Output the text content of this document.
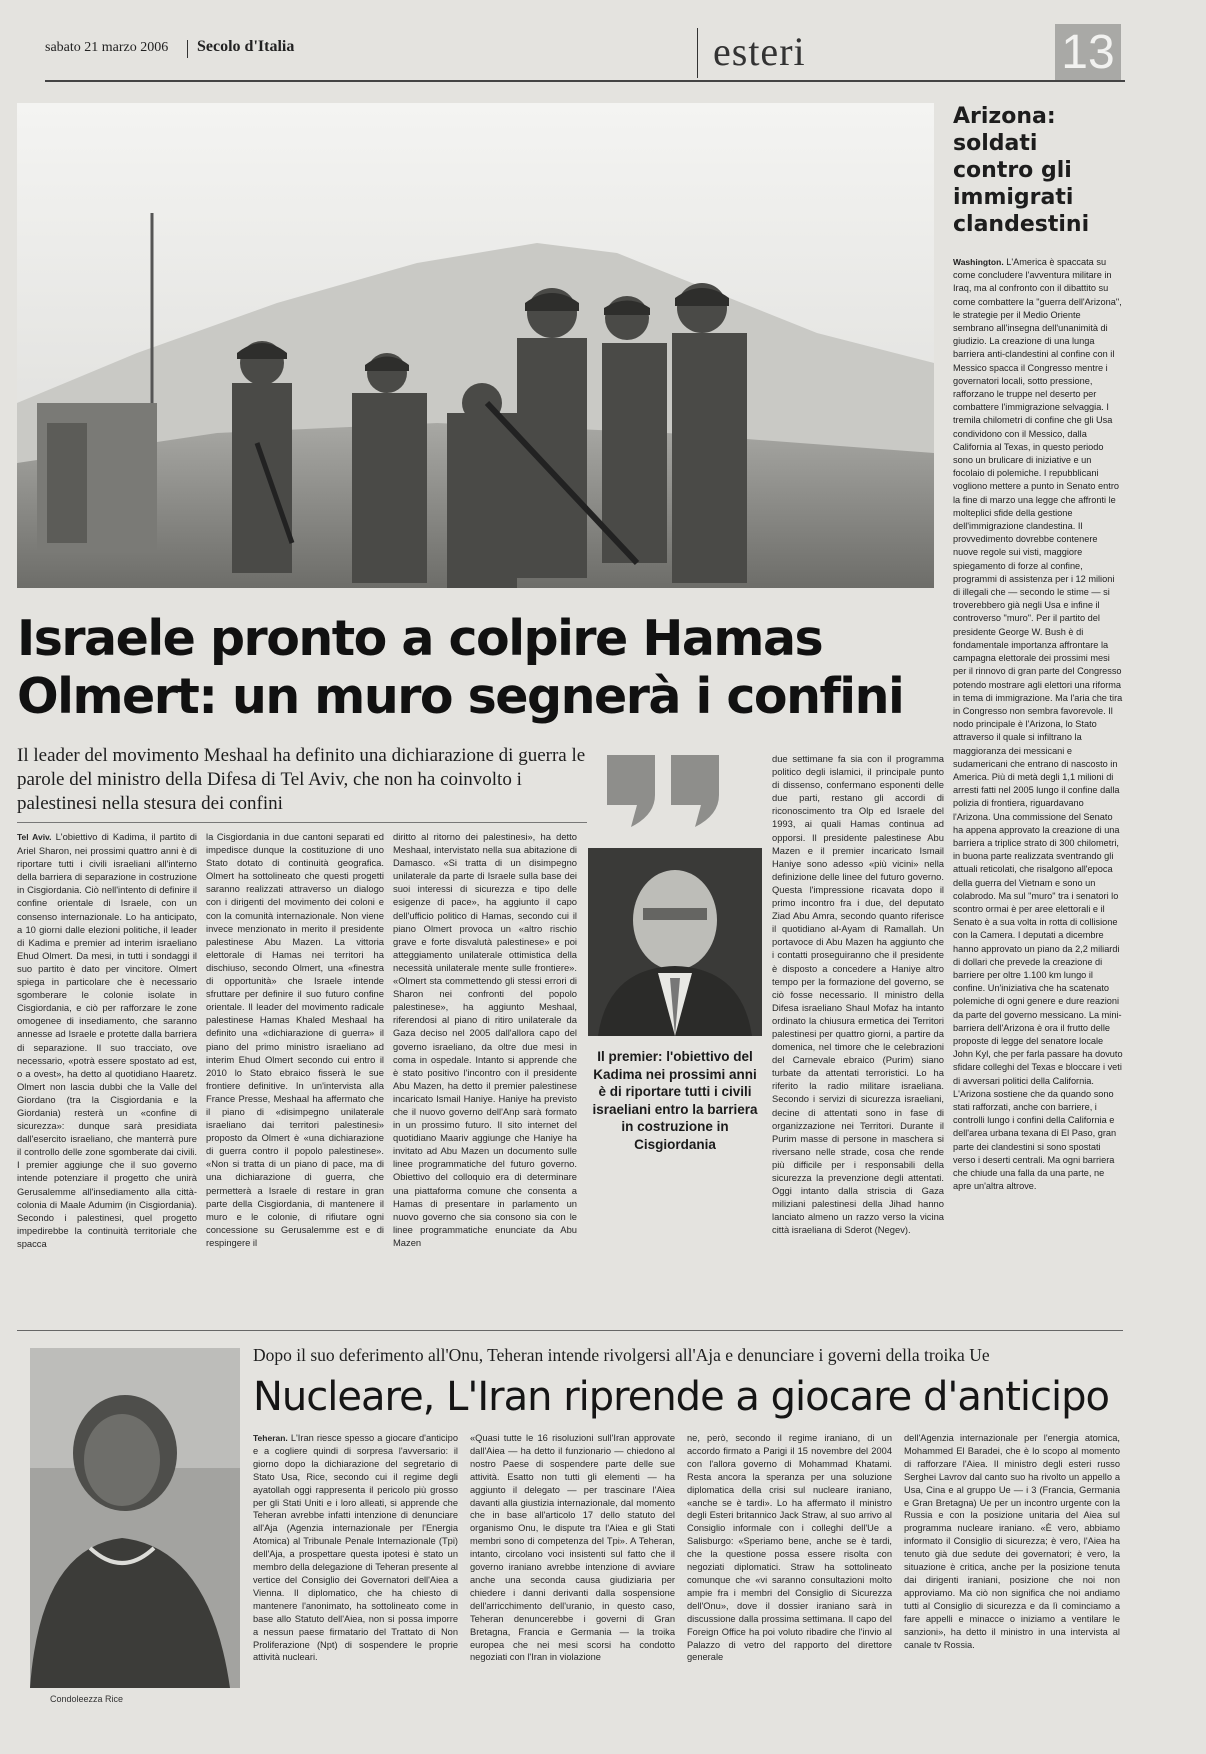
sabato 21 marzo 2006 Secolo d'Italia	esteri	13
Arizona: soldati contro gli immigrati clandestini
Washington. L'America è spaccata su come concludere l'avventura militare in Iraq, ma al confronto con il dibattito su come combattere la "guerra dell'Arizona", le strategie per il Medio Oriente sembrano all'insegna dell'unanimità di giudizio. La creazione di una lunga barriera anti-clandestini al confine con il Messico spacca il Congresso mentre i governatori locali, sotto pressione, rafforzano le truppe nel deserto per combattere l'immigrazione selvaggia. I tremila chilometri di confine che gli Usa condividono con il Messico, dalla California al Texas, in questo periodo sono un brulicare di iniziative e un focolaio di polemiche. I repubblicani vogliono mettere a punto in Senato entro la fine di marzo una legge che affronti le molteplici sfide della gestione dell'immigrazione clandestina. Il provvedimento dovrebbe contenere nuove regole sui visti, maggiore spiegamento di forze al confine, programmi di assistenza per i 12 milioni di illegali che — secondo le stime — si troverebbero già negli Usa e infine il controverso "muro". Per il partito del presidente George W. Bush è di fondamentale importanza affrontare la campagna elettorale dei prossimi mesi per il rinnovo di gran parte del Congresso potendo mostrare agli elettori una riforma in tema di immigrazione. Ma l'aria che tira in Congresso non sembra favorevole. Il nodo principale è l'Arizona, lo Stato attraverso il quale si infiltrano la maggioranza dei messicani e sudamericani che entrano di nascosto in America. Più di metà degli 1,1 milioni di arresti fatti nel 2005 lungo il confine dalla polizia di frontiera, riguardavano l'Arizona. Una commissione del Senato ha appena approvato la creazione di una barriera a triplice strato di 300 chilometri, in buona parte realizzata sventrando gli attuali reticolati, che risalgono all'epoca della guerra del Vietnam e sono un colabrodo. Ma sul "muro" tra i senatori lo scontro ormai è per aree elettorali e il Senato è a sua volta in rotta di collisione con la Camera. I deputati a dicembre hanno approvato un piano da 2,2 miliardi di dollari che prevede la creazione di barriere per oltre 1.100 km lungo il confine. Un'iniziativa che ha scatenato polemiche di ogni genere e dure reazioni da parte del governo messicano. La mini-barriera dell'Arizona è ora il frutto delle proposte di legge del senatore locale John Kyl, che per farla passare ha dovuto sfidare colleghi del Texas e bloccare i veti di avversari politici della California. L'Arizona sostiene che da quando sono stati rafforzati, anche con barriere, i controlli lungo i confini della California e dell'area urbana texana di El Paso, gran parte dei clandestini si sono spostati verso i deserti centrali. Ma ogni barriera che chiude una falla da una parte, ne apre un'altra altrove.
Israele pronto a colpire Hamas
Olmert: un muro segnerà i confini
Il leader del movimento Meshaal ha definito una dichiarazione di guerra le parole del ministro della Difesa di Tel Aviv, che non ha coinvolto i palestinesi nella stesura dei confini
Tel Aviv. L'obiettivo di Kadima, il partito di Ariel Sharon, nei prossimi quattro anni è di riportare tutti i civili israeliani all'interno della barriera di separazione in costruzione in Cisgiordania. Ciò nell'intento di definire il confine orientale di Israele, con un consenso internazionale. Lo ha anticipato, a 10 giorni dalle elezioni politiche, il leader di Kadima e premier ad interim israeliano Ehud Olmert. Da mesi, in tutti i sondaggi il suo partito è dato per vincitore. Olmert spiega in particolare che è necessario sgomberare le colonie isolate in Cisgiordania, e ciò per rafforzare le zone omogenee di insediamento, che saranno annesse ad Israele e protette dalla barriera di separazione. Il suo tracciato, ove necessario, «potrà essere spostato ad est, o a ovest», ha detto al quotidiano Haaretz. Olmert non lascia dubbi che la Valle del Giordano (tra la Cisgiordania e la Giordania) resterà un «confine di sicurezza»: dunque sarà presidiata dall'esercito israeliano, che manterrà pure il controllo delle zone sgomberate dai civili. I premier aggiunge che il suo governo intende potenziare il progetto che unirà Gerusalemme all'insediamento alla città-colonia di Maale Adumim (in Cisgiordania). Secondo i palestinesi, quel progetto impedirebbe la continuità territoriale che spacca
la Cisgiordania in due cantoni separati ed impedisce dunque la costituzione di uno Stato dotato di continuità geografica. Olmert ha sottolineato che questi progetti saranno realizzati attraverso un dialogo con i dirigenti del movimento dei coloni e con la comunità internazionale. Non viene invece menzionato in merito il presidente palestinese Abu Mazen. La vittoria elettorale di Hamas nei territori ha dischiuso, secondo Olmert, una «finestra di opportunità» che Israele intende sfruttare per definire il suo futuro confine orientale. Il leader del movimento radicale palestinese Hamas Khaled Meshaal ha definito una «dichiarazione di guerra» il piano del primo ministro israeliano ad interim Ehud Olmert secondo cui entro il 2010 lo Stato ebraico fisserà le sue frontiere definitive. In un'intervista alla France Presse, Meshaal ha affermato che il piano di «disimpegno unilaterale israeliano dai territori palestinesi» proposto da Olmert è «una dichiarazione di guerra contro il popolo palestinese». «Non si tratta di un piano di pace, ma di una dichiarazione di guerra, che permetterà a Israele di restare in gran parte della Cisgiordania, di mantenere il muro e le colonie, di rifiutare ogni concessione su Gerusalemme est e di respingere il
diritto al ritorno dei palestinesi», ha detto Meshaal, intervistato nella sua abitazione di Damasco. «Si tratta di un disimpegno unilaterale da parte di Israele sulla base dei suoi interessi di sicurezza e tipo delle esigenze di pace», ha aggiunto il capo dell'ufficio politico di Hamas, secondo cui il piano Olmert provoca un «altro rischio grave e forte disvalutà palestinese» e poi atteggiamento unilaterale ottimistica della necessità unilaterale mente sulle frontiere». «Olmert sta commettendo gli stessi errori di Sharon nei confronti del popolo palestinese», ha aggiunto Meshaal, riferendosi al piano di ritiro unilaterale da Gaza deciso nel 2005 dall'allora capo del governo israeliano, da oltre due mesi in coma in ospedale. Intanto si apprende che è stato positivo l'incontro con il presidente Abu Mazen, ha detto il premier palestinese incaricato Ismail Haniye. Haniye ha previsto che il nuovo governo dell'Anp sarà formato in un prossimo futuro. Il sito internet del quotidiano Maariv aggiunge che Haniye ha invitato ad Abu Mazen un documento sulle linee programmatiche del futuro governo. Obiettivo del colloquio era di determinare una piattaforma comune che consenta a Hamas di presentare in parlamento un nuovo governo che sia consono sia con le linee programmatiche enunciate da Abu Mazen
due settimane fa sia con il programma politico degli islamici, il principale punto di dissenso, confermano esponenti delle due parti, restano gli accordi di riconoscimento tra Olp ed Israele del 1993, ai quali Hamas continua ad opporsi. Il presidente palestinese Abu Mazen e il premier incaricato Ismail Haniye sono adesso «più vicini» nella definizione delle linee del futuro governo. Questa l'impressione ricavata dopo il primo incontro fra i due, del deputato Ziad Abu Amra, secondo quanto riferisce il quotidiano al-Ayam di Ramallah. Un portavoce di Abu Mazen ha aggiunto che i contatti proseguiranno che il presidente è disposto a concedere a Haniye altro tempo per la formazione del governo, se ciò fosse necessario. Il ministro della Difesa israeliano Shaul Mofaz ha intanto ordinato la chiusura ermetica dei Territori palestinesi per quattro giorni, a partire da domenica, nel timore che le celebrazioni del Carnevale ebraico (Purim) siano turbate da attentati terroristici. Lo ha riferito la radio militare israeliana. Secondo i servizi di sicurezza israeliani, decine di attentati sono in fase di organizzazione nei Territori. Durante il Purim masse di persone in maschera si riversano nelle strade, cosa che rende più difficile per i responsabili della sicurezza la prevenzione degli attentati. Oggi intanto dalla striscia di Gaza miliziani palestinesi della Jihad hanno lanciato almeno un razzo verso la vicina città israeliana di Sderot (Negev).
Il premier: l'obiettivo del Kadima nei prossimi anni è di riportare tutti i civili israeliani entro la barriera in costruzione in Cisgiordania
Condoleezza Rice
Dopo il suo deferimento all'Onu, Teheran intende rivolgersi all'Aja e denunciare i governi della troika Ue
Nucleare, L'Iran riprende a giocare d'anticipo
Teheran. L'Iran riesce spesso a giocare d'anticipo e a cogliere quindi di sorpresa l'avversario: il giorno dopo la dichiarazione del segretario di Stato Usa, Rice, secondo cui il regime degli ayatollah oggi rappresenta il pericolo più grosso per gli Stati Uniti e i loro alleati, si apprende che Teheran avrebbe infatti intenzione di denunciare all'Aja (Agenzia internazionale per l'Energia Atomica) al Tribunale Penale Internazionale (Tpi) dell'Aja, a prospettare questa ipotesi è stato un membro della delegazione di Teheran presente al vertice del Consiglio dei Governatori dell'Aiea a Vienna. Il diplomatico, che ha chiesto di mantenere l'anonimato, ha sottolineato come in base allo Statuto dell'Aiea, non si possa imporre a nessun paese firmatario del Trattato di Non Proliferazione (Npt) di sospendere le proprie attività nucleari.
«Quasi tutte le 16 risoluzioni sull'Iran approvate dall'Aiea — ha detto il funzionario — chiedono al nostro Paese di sospendere parte delle sue attività. Esatto non tutti gli elementi — ha aggiunto il delegato — per trascinare l'Aiea davanti alla giustizia internazionale, dal momento che in base all'articolo 17 dello statuto del organismo Onu, le dispute tra l'Aiea e gli Stati membri sono di competenza del Tpi». A Teheran, intanto, circolano voci insistenti sul fatto che il governo iraniano avrebbe intenzione di avviare anche una seconda causa giudiziaria per chiedere i danni derivanti dalla sospensione dell'arricchimento dell'uranio, in questo caso, Teheran denuncerebbe i governi di Gran Bretagna, Francia e Germania — la troika europea che nei mesi scorsi ha condotto negoziati con l'Iran in violazione
ne, però, secondo il regime iraniano, di un accordo firmato a Parigi il 15 novembre del 2004 con l'allora governo di Mohammad Khatami. Resta ancora la speranza per una soluzione diplomatica della crisi sul nucleare iraniano, «anche se è tardi». Lo ha affermato il ministro degli Esteri britannico Jack Straw, al suo arrivo al Consiglio informale con i colleghi dell'Ue a Salisburgo: «Speriamo bene, anche se è tardi, che la questione possa essere risolta con negoziati diplomatici. Straw ha sottolineato comunque che «vi saranno consultazioni molto ampie fra i membri del Consiglio di Sicurezza dell'Onu», dove il dossier iraniano sarà in discussione dalla prossima settimana. Il capo del Foreign Office ha poi voluto ribadire che l'invio al Palazzo di vetro del rapporto del direttore generale
dell'Agenzia internazionale per l'energia atomica, Mohammed El Baradei, che è lo scopo al momento di rafforzare l'Aiea. Il ministro degli esteri russo Serghei Lavrov dal canto suo ha rivolto un appello a Usa, Cina e al gruppo Ue — i 3 (Francia, Germania e Gran Bretagna) Ue per un incontro urgente con la Russia e con la posizione unitaria del Aiea sul programma nucleare iraniano. «È vero, abbiamo informato il Consiglio di sicurezza; è vero, l'Aiea ha tenuto già due sedute dei governatori; è vero, la situazione è critica, anche per la posizione tenuta dai dirigenti iraniani, posizione che noi non approviamo. Ma ciò non significa che noi andiamo tutti al Consiglio di sicurezza e da lì cominciamo a fare appelli e minacce o iniziamo a ventilare le sanzioni», ha detto il ministro in una intervista al canale tv Rossia.
